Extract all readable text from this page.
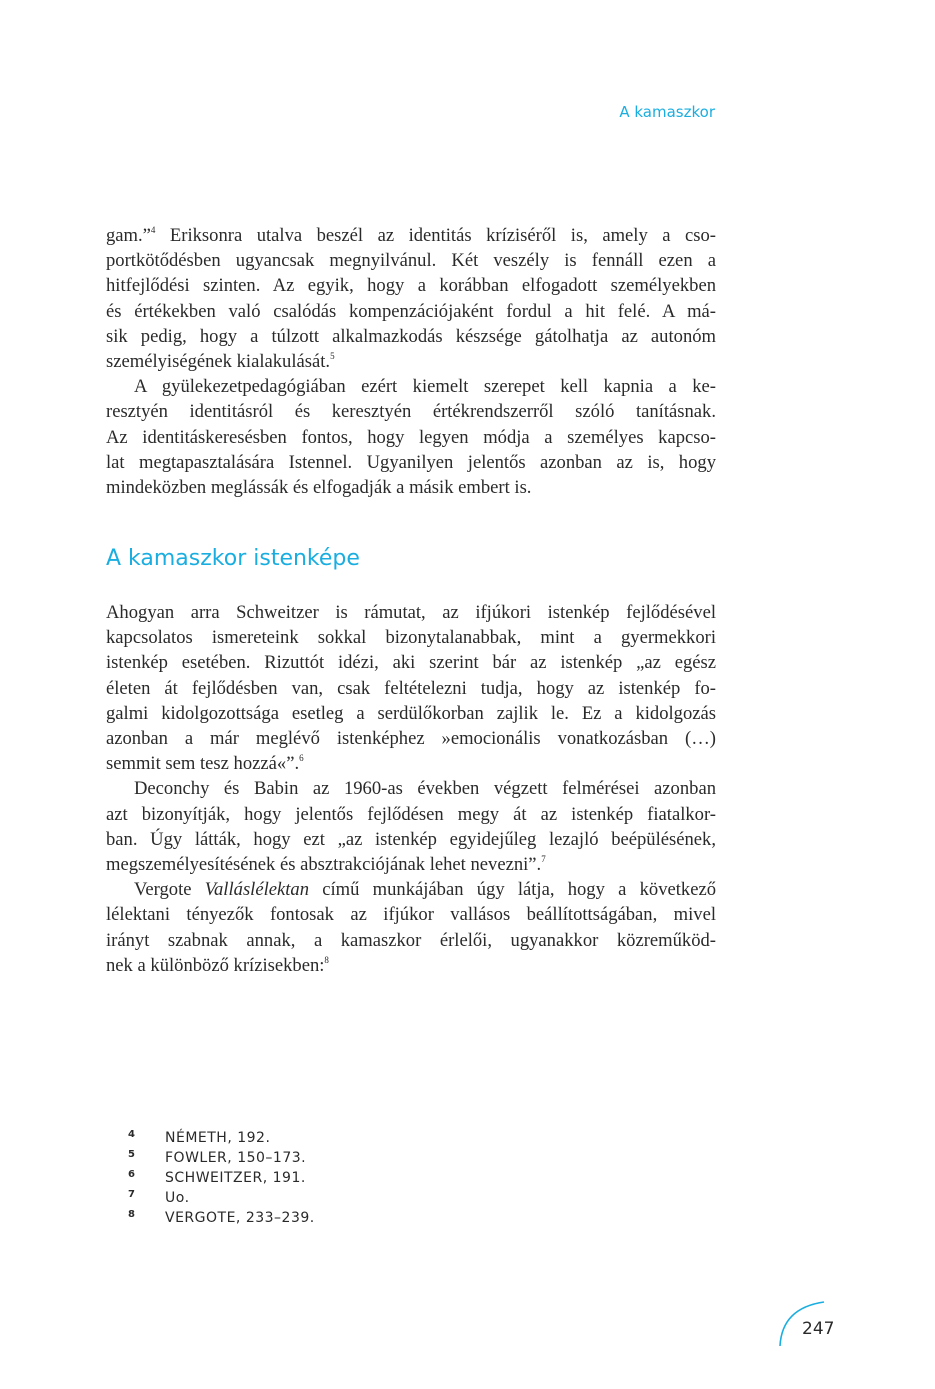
A kamaszkor
gam.”$^4$ Eriksonra utalva beszél az identitás kríziséről is, amely a cso-
portkötődésben ugyancsak megnyilvánul. Két veszély is fennáll ezen a
hitfejlődési szinten. Az egyik, hogy a korábban elfogadott személyekben
és értékekben való csalódás kompenzációjaként fordul a hit felé. A má-
sik pedig, hogy a túlzott alkalmazkodás készsége gátolhatja az autonóm
személyiségének kialakulását.$^5$
A gyülekezetpedagógiában ezért kiemelt szerepet kell kapnia a ke-
resztyén identitásról és keresztyén értékrendszerről szóló tanításnak.
Az identitáskeresésben fontos, hogy legyen módja a személyes kapcso-
lat megtapasztalására Istennel. Ugyanilyen jelentős azonban az is, hogy
mindeközben meglássák és elfogadják a másik embert is.
A kamaszkor istenképe
Ahogyan arra Schweitzer is rámutat, az ifjúkori istenkép fejlődésével
kapcsolatos ismereteink sokkal bizonytalanabbak, mint a gyermekkori
istenkép esetében. Rizuttót idézi, aki szerint bár az istenkép „az egész
életen át fejlődésben van, csak feltételezni tudja, hogy az istenkép fo-
galmi kidolgozottsága esetleg a serdülőkorban zajlik le. Ez a kidolgozás
azonban a már meglévő istenképhez »emocionális vonatkozásban (…)
semmit sem tesz hozzá«”.$^6$
Deconchy és Babin az 1960-as években végzett felmérései azonban
azt bizonyítják, hogy jelentős fejlődésen megy át az istenkép fiatalkor-
ban. Úgy látták, hogy ezt „az istenkép egyidejűleg lezajló beépülésének,
megszemélyesítésének és absztrakciójának lehet nevezni”.$^7$
Vergote Valláslélektan című munkájában úgy látja, hogy a következő
lélektani tényezők fontosak az ifjúkor vallásos beállítottságában, mivel
irányt szabnak annak, a kamaszkor érlelői, ugyanakkor közreműköd-
nek a különböző krízisekben:$^8$
4	NÉMETH, 192.
5	FOWLER, 150–173.
6	SCHWEITZER, 191.
7	Uo.
8	VERGOTE, 233–239.
247
